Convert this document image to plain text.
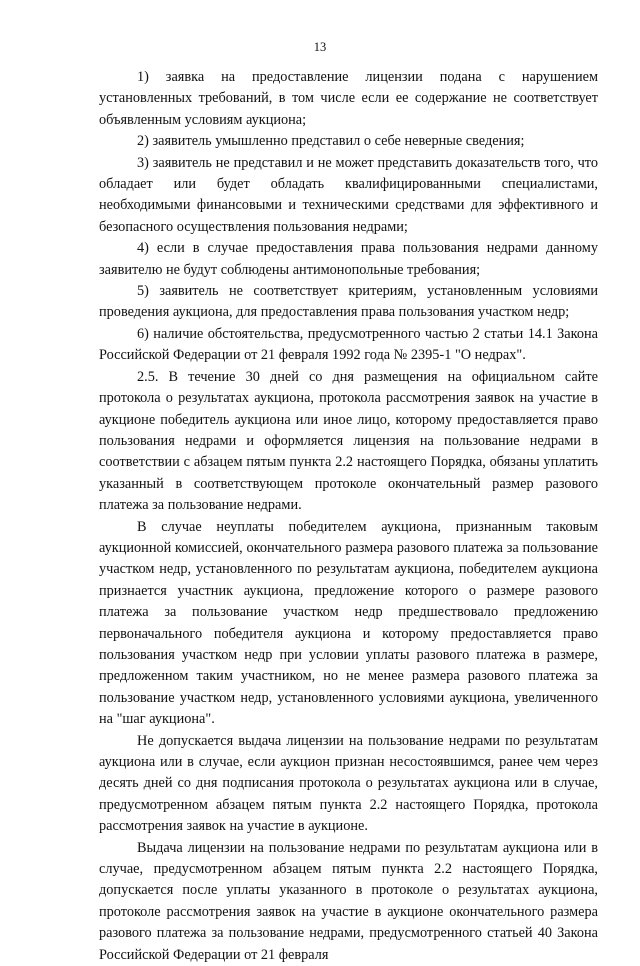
13

1) заявка на предоставление лицензии подана с нарушением установленных требований, в том числе если ее содержание не соответствует объявленным условиям аукциона;

2) заявитель умышленно представил о себе неверные сведения;

3) заявитель не представил и не может представить доказательств того, что обладает или будет обладать квалифицированными специалистами, необходимыми финансовыми и техническими средствами для эффективного и безопасного осуществления пользования недрами;

4) если в случае предоставления права пользования недрами данному заявителю не будут соблюдены антимонопольные требования;

5) заявитель не соответствует критериям, установленным условиями проведения аукциона, для предоставления права пользования участком недр;

6) наличие обстоятельства, предусмотренного частью 2 статьи 14.1 Закона Российской Федерации от 21 февраля 1992 года № 2395-1 "О недрах".

2.5. В течение 30 дней со дня размещения на официальном сайте протокола о результатах аукциона, протокола рассмотрения заявок на участие в аукционе победитель аукциона или иное лицо, которому предоставляется право пользования недрами и оформляется лицензия на пользование недрами в соответствии с абзацем пятым пункта 2.2 настоящего Порядка, обязаны уплатить указанный в соответствующем протоколе окончательный размер разового платежа за пользование недрами.

В случае неуплаты победителем аукциона, признанным таковым аукционной комиссией, окончательного размера разового платежа за пользование участком недр, установленного по результатам аукциона, победителем аукциона признается участник аукциона, предложение которого о размере разового платежа за пользование участком недр предшествовало предложению первоначального победителя аукциона и которому предоставляется право пользования участком недр при условии уплаты разового платежа в размере, предложенном таким участником, но не менее размера разового платежа за пользование участком недр, установленного условиями аукциона, увеличенного на "шаг аукциона".

Не допускается выдача лицензии на пользование недрами по результатам аукциона или в случае, если аукцион признан несостоявшимся, ранее чем через десять дней со дня подписания протокола о результатах аукциона или в случае, предусмотренном абзацем пятым пункта 2.2 настоящего Порядка, протокола рассмотрения заявок на участие в аукционе.

Выдача лицензии на пользование недрами по результатам аукциона или в случае, предусмотренном абзацем пятым пункта 2.2 настоящего Порядка, допускается после уплаты указанного в протоколе о результатах аукциона, протоколе рассмотрения заявок на участие в аукционе окончательного размера разового платежа за пользование недрами, предусмотренного статьей 40 Закона Российской Федерации от 21 февраля
